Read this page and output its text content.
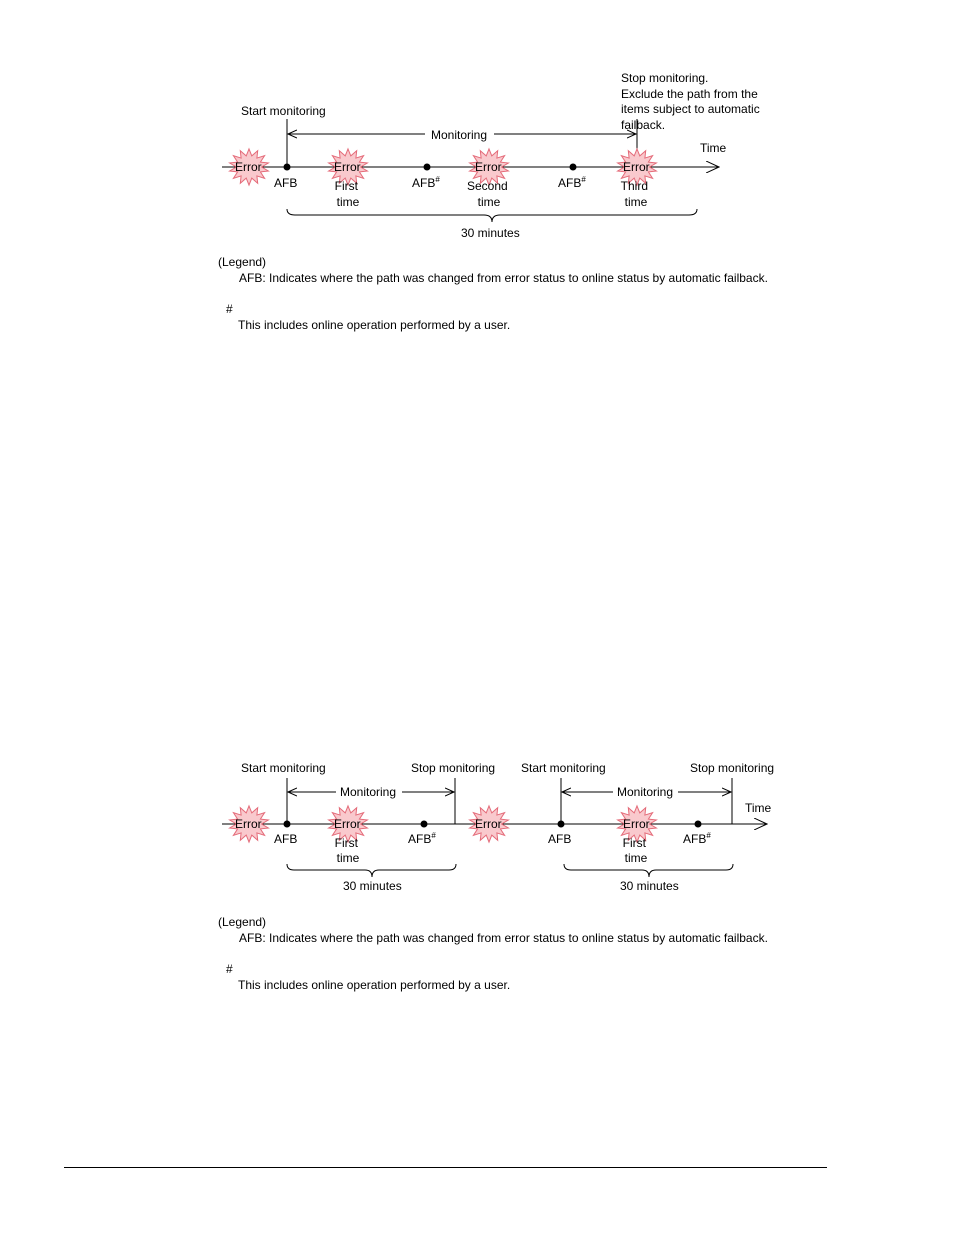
Time
Start monitoring
Stop monitoring. Exclude the path from the items subject to automatic failback.
Monitoring
Error	Error	Error	Error
AFB	AFB#	AFB#
First time
Second time
Third time
30 minutes
Time
Start monitoring	Stop monitoring Start monitoring	Stop monitoring
Monitoring	Monitoring
Error	Error	Error	Error
AFB	AFB#	AFB	AFB#
First time
First time
30 minutes	30 minutes
(Legend)
AFB: Indicates where the path was changed from error status to online status by automatic failback.
#
This includes online operation performed by a user.
(Legend)
AFB: Indicates where the path was changed from error status to online status by automatic failback.
#
This includes online operation performed by a user.
